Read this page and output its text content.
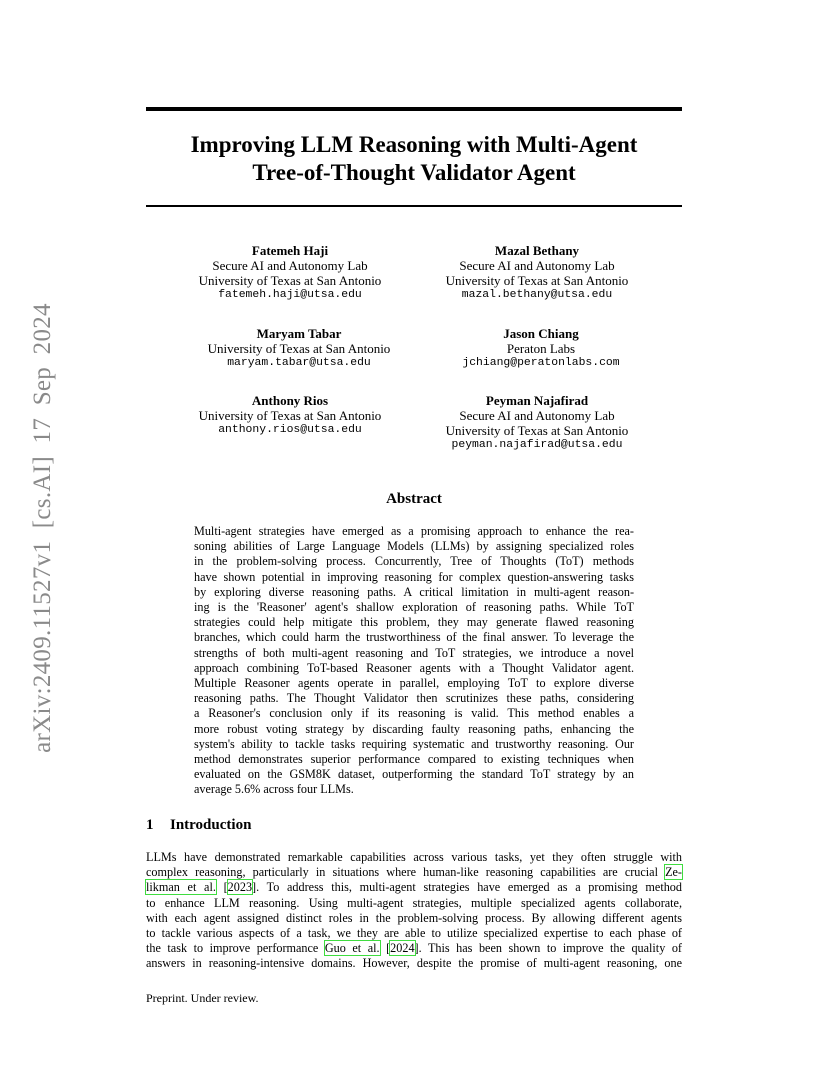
arXiv:2409.11527v1 [cs.AI] 17 Sep 2024
Improving LLM Reasoning with Multi-Agent
Tree-of-Thought Validator Agent
Fatemeh Haji
Secure AI and Autonomy Lab
University of Texas at San Antonio
fatemeh.haji@utsa.edu
Mazal Bethany
Secure AI and Autonomy Lab
University of Texas at San Antonio
mazal.bethany@utsa.edu
Maryam Tabar
University of Texas at San Antonio
maryam.tabar@utsa.edu
Jason Chiang
Peraton Labs
jchiang@peratonlabs.com
Anthony Rios
University of Texas at San Antonio
anthony.rios@utsa.edu
Peyman Najafirad
Secure AI and Autonomy Lab
University of Texas at San Antonio
peyman.najafirad@utsa.edu
Abstract
Multi-agent strategies have emerged as a promising approach to enhance the rea-
soning abilities of Large Language Models (LLMs) by assigning specialized roles
in the problem-solving process. Concurrently, Tree of Thoughts (ToT) methods
have shown potential in improving reasoning for complex question-answering tasks
by exploring diverse reasoning paths. A critical limitation in multi-agent reason-
ing is the 'Reasoner' agent's shallow exploration of reasoning paths. While ToT
strategies could help mitigate this problem, they may generate flawed reasoning
branches, which could harm the trustworthiness of the final answer. To leverage the
strengths of both multi-agent reasoning and ToT strategies, we introduce a novel
approach combining ToT-based Reasoner agents with a Thought Validator agent.
Multiple Reasoner agents operate in parallel, employing ToT to explore diverse
reasoning paths. The Thought Validator then scrutinizes these paths, considering
a Reasoner's conclusion only if its reasoning is valid. This method enables a
more robust voting strategy by discarding faulty reasoning paths, enhancing the
system's ability to tackle tasks requiring systematic and trustworthy reasoning. Our
method demonstrates superior performance compared to existing techniques when
evaluated on the GSM8K dataset, outperforming the standard ToT strategy by an
average 5.6% across four LLMs.
1 Introduction
LLMs have demonstrated remarkable capabilities across various tasks, yet they often struggle with
complex reasoning, particularly in situations where human-like reasoning capabilities are crucial Ze-
likman et al. [2023]. To address this, multi-agent strategies have emerged as a promising method
to enhance LLM reasoning. Using multi-agent strategies, multiple specialized agents collaborate,
with each agent assigned distinct roles in the problem-solving process. By allowing different agents
to tackle various aspects of a task, we they are able to utilize specialized expertise to each phase of
the task to improve performance Guo et al. [2024]. This has been shown to improve the quality of
answers in reasoning-intensive domains. However, despite the promise of multi-agent reasoning, one
Preprint. Under review.
